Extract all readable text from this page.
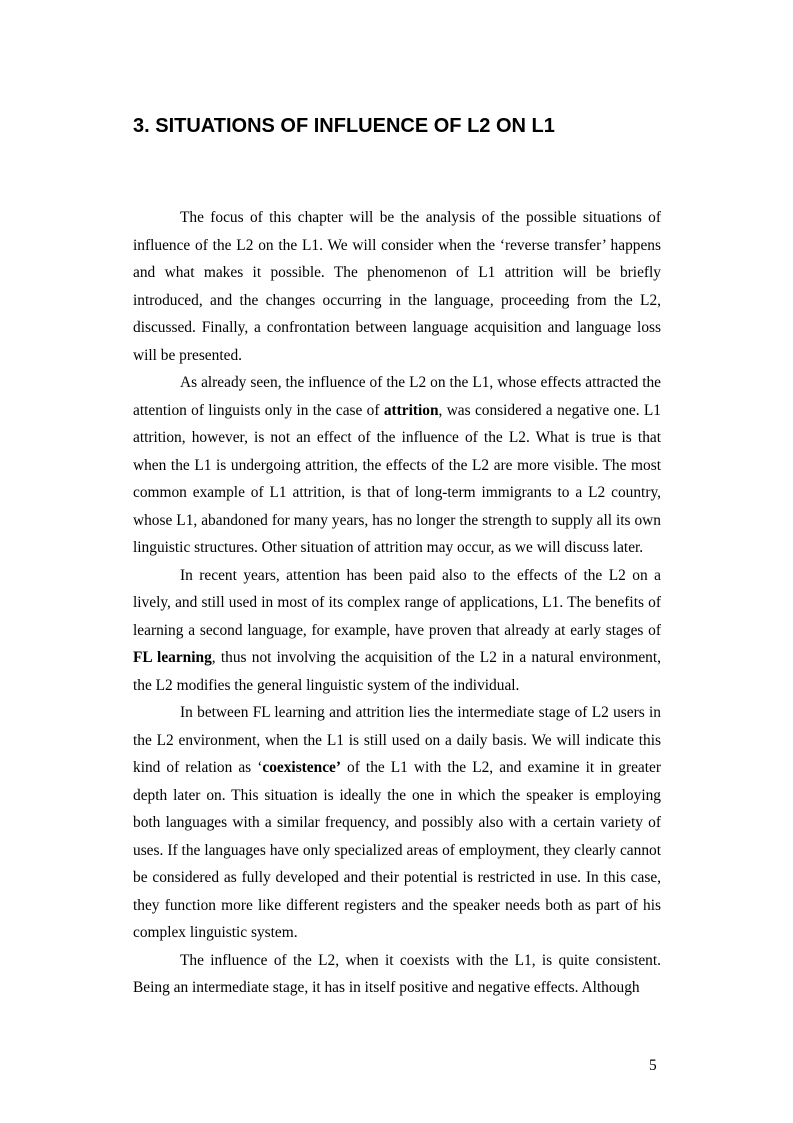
3. SITUATIONS OF INFLUENCE OF L2 ON L1

The focus of this chapter will be the analysis of the possible situations of influence of the L2 on the L1. We will consider when the ‘reverse transfer’ happens and what makes it possible. The phenomenon of L1 attrition will be briefly introduced, and the changes occurring in the language, proceeding from the L2, discussed. Finally, a confrontation between language acquisition and language loss will be presented.

As already seen, the influence of the L2 on the L1, whose effects attracted the attention of linguists only in the case of attrition, was considered a negative one. L1 attrition, however, is not an effect of the influence of the L2. What is true is that when the L1 is undergoing attrition, the effects of the L2 are more visible. The most common example of L1 attrition, is that of long-term immigrants to a L2 country, whose L1, abandoned for many years, has no longer the strength to supply all its own linguistic structures. Other situation of attrition may occur, as we will discuss later.

In recent years, attention has been paid also to the effects of the L2 on a lively, and still used in most of its complex range of applications, L1. The benefits of learning a second language, for example, have proven that already at early stages of FL learning, thus not involving the acquisition of the L2 in a natural environment, the L2 modifies the general linguistic system of the individual.

In between FL learning and attrition lies the intermediate stage of L2 users in the L2 environment, when the L1 is still used on a daily basis. We will indicate this kind of relation as ‘coexistence’ of the L1 with the L2, and examine it in greater depth later on. This situation is ideally the one in which the speaker is employing both languages with a similar frequency, and possibly also with a certain variety of uses. If the languages have only specialized areas of employment, they clearly cannot be considered as fully developed and their potential is restricted in use. In this case, they function more like different registers and the speaker needs both as part of his complex linguistic system.

The influence of the L2, when it coexists with the L1, is quite consistent. Being an intermediate stage, it has in itself positive and negative effects. Although

5
